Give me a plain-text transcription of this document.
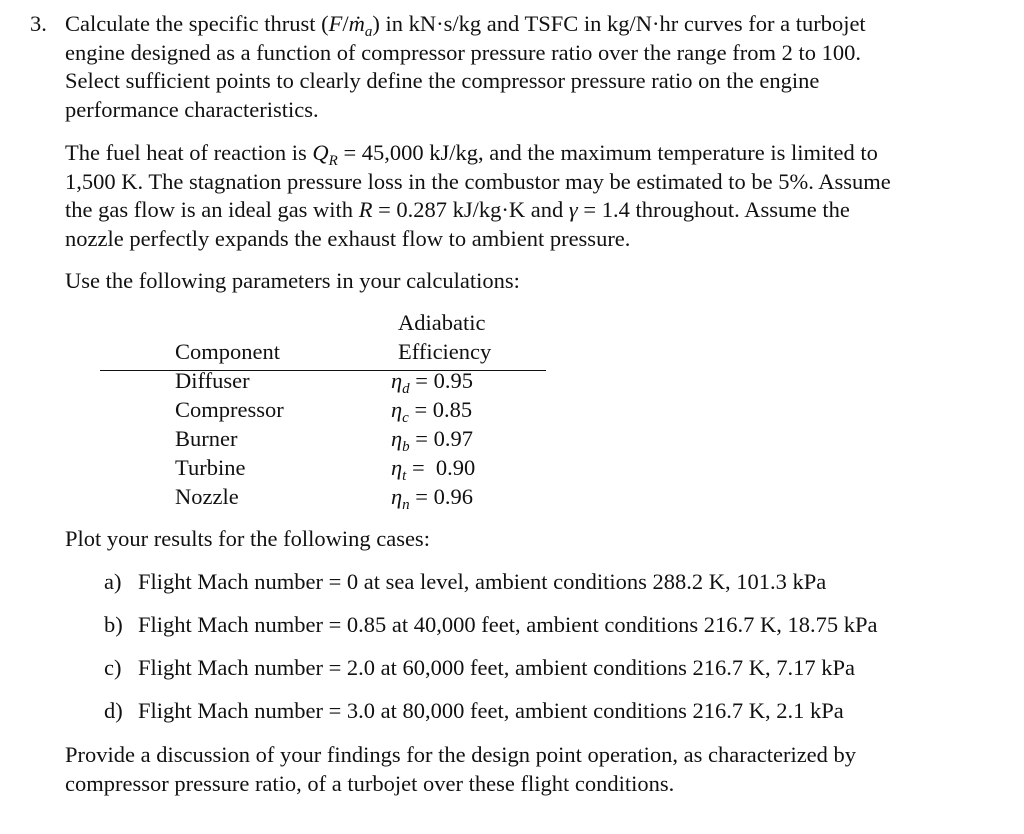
3. Calculate the specific thrust (F/ṁ$_a$) in kN·s/kg and TSFC in kg/N·hr curves for a turbojet
engine designed as a function of compressor pressure ratio over the range from 2 to 100.
Select sufficient points to clearly define the compressor pressure ratio on the engine
performance characteristics.
The fuel heat of reaction is $Q_R = 45,000$ kJ/kg, and the maximum temperature is limited to
1,500 K. The stagnation pressure loss in the combustor may be estimated to be 5%. Assume
the gas flow is an ideal gas with R = 0.287 kJ/kg·K and γ = 1.4 throughout. Assume the
nozzle perfectly expands the exhaust flow to ambient pressure.
Use the following parameters in your calculations:
Adiabatic
Component	Efficiency
Diffuser	$\eta_d = 0.95$
Compressor	$\eta_c = 0.85$
Burner	$\eta_b = 0.97$
Turbine	$\eta_t = 0.90$
Nozzle	$\eta_n = 0.96$
Plot your results for the following cases:
a) Flight Mach number = 0 at sea level, ambient conditions 288.2 K, 101.3 kPa
b) Flight Mach number = 0.85 at 40,000 feet, ambient conditions 216.7 K, 18.75 kPa
c) Flight Mach number = 2.0 at 60,000 feet, ambient conditions 216.7 K, 7.17 kPa
d) Flight Mach number = 3.0 at 80,000 feet, ambient conditions 216.7 K, 2.1 kPa
Provide a discussion of your findings for the design point operation, as characterized by
compressor pressure ratio, of a turbojet over these flight conditions.
